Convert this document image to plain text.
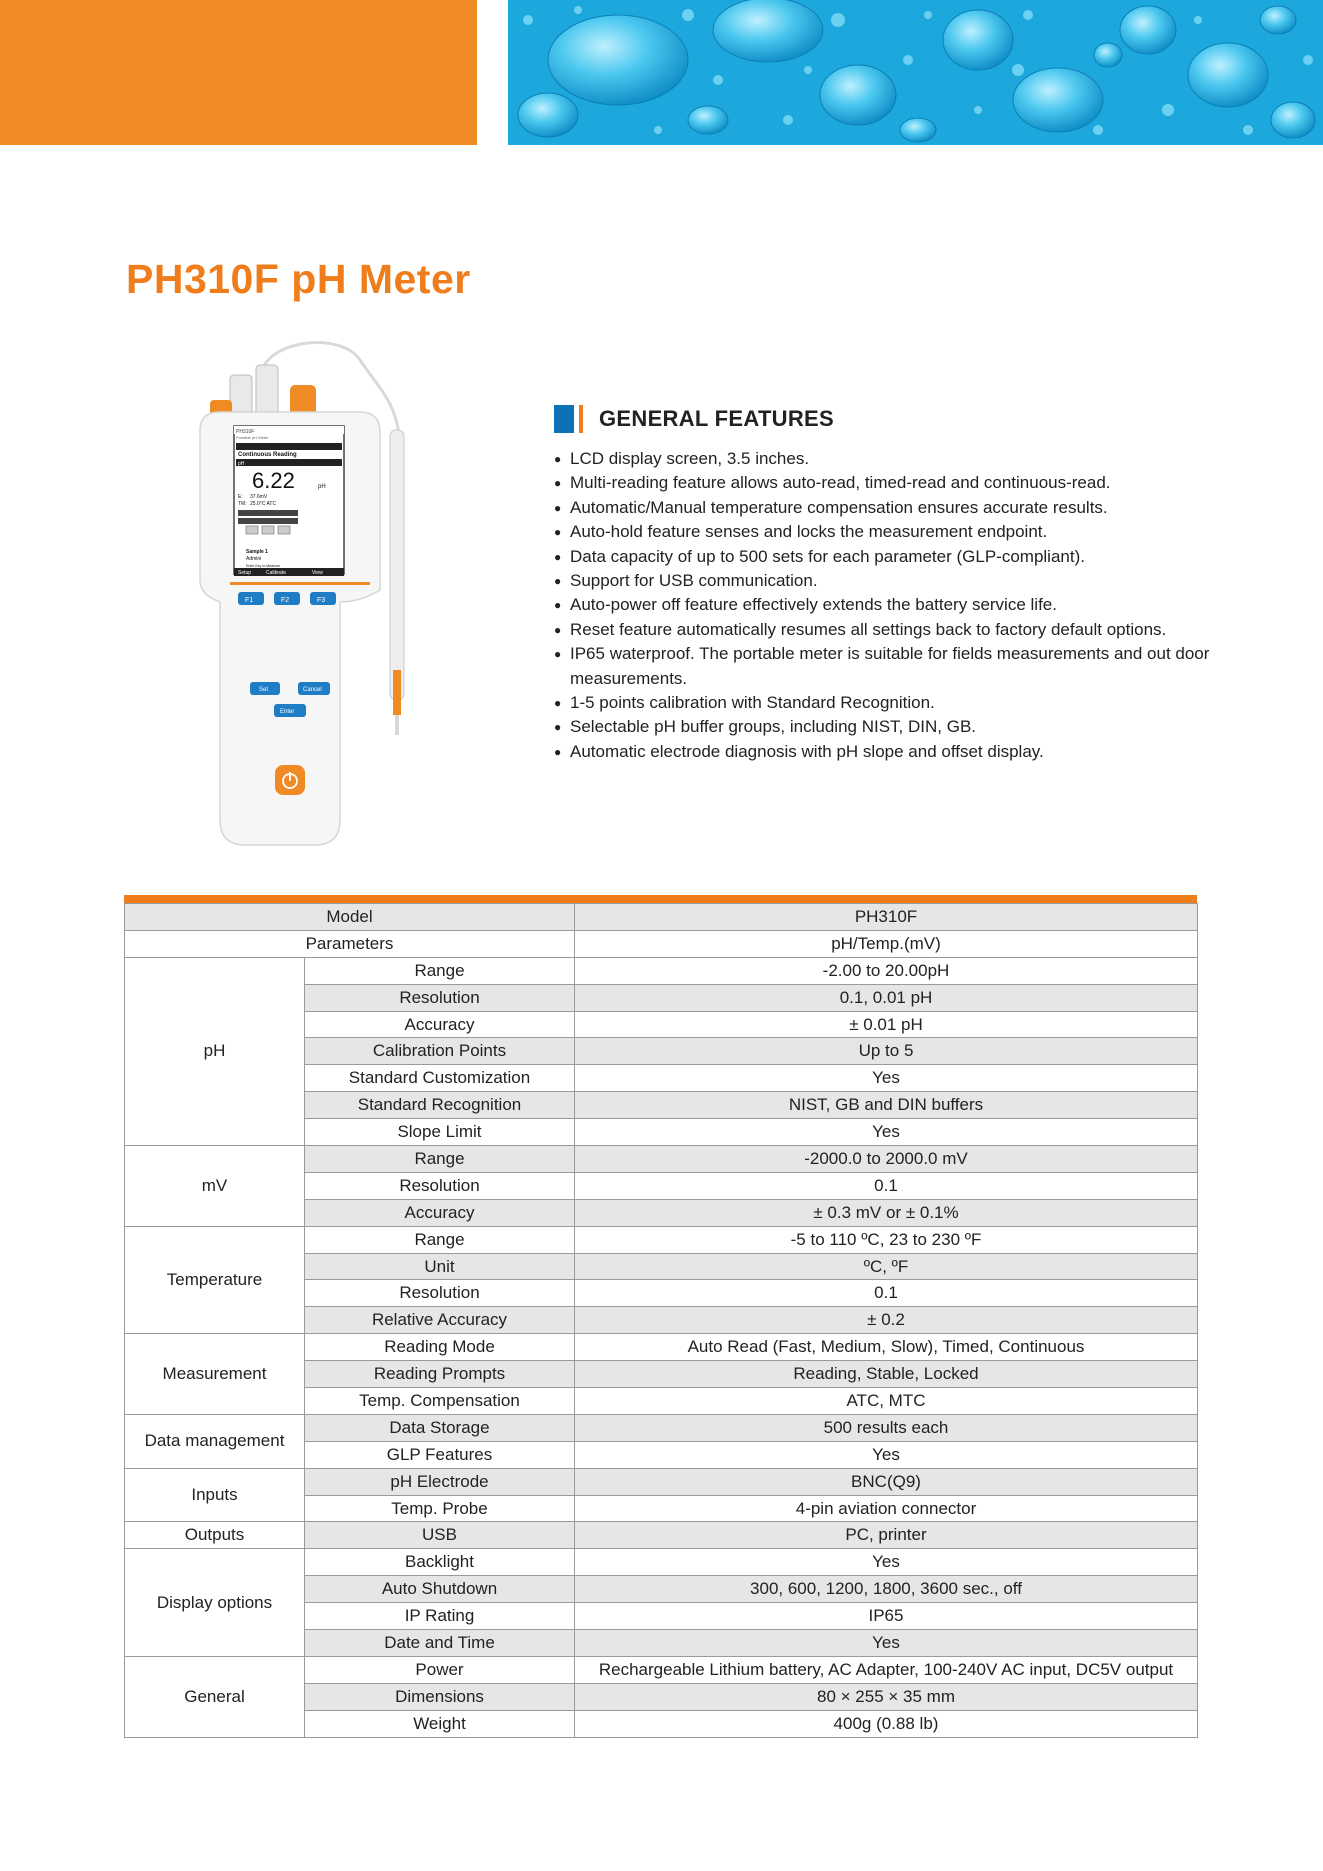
PH310F pH Meter
PH310F
Portable pH Meter
Continuous Reading
pH
6.22	pH
E: 37.6mV
TM: 25.0°C ATC
Sample 1
Admini
Enter Key to Measure
Setup	Calibrate	View
F1	F2	F3
Set	Cancel
Enter
GENERAL FEATURES
● LCD display screen, 3.5 inches.
● Multi-reading feature allows auto-read, timed-read and continuous-read.
● Automatic/Manual temperature compensation ensures accurate results.
● Auto-hold feature senses and locks the measurement endpoint.
● Data capacity of up to 500 sets for each parameter (GLP-compliant).
● Support for USB communication.
● Auto-power off feature effectively extends the battery service life.
● Reset feature automatically resumes all settings back to factory default options.
● IP65 waterproof. The portable meter is suitable for fields measurements and out door measurements.
● 1-5 points calibration with Standard Recognition.
● Selectable pH buffer groups, including NIST, DIN, GB.
● Automatic electrode diagnosis with pH slope and offset display.
Model		PH310F
Parameters		pH/Temp.(mV)
pH	Range	-2.00 to 20.00pH
	Resolution	0.1, 0.01 pH
	Accuracy	± 0.01 pH
	Calibration Points	Up to 5
	Standard Customization	Yes
	Standard Recognition	NIST, GB and DIN buffers
	Slope Limit	Yes
mV	Range	-2000.0 to 2000.0 mV
	Resolution	0.1
	Accuracy	± 0.3 mV or ± 0.1%
Temperature	Range	-5 to 110 ºC, 23 to 230 ºF
	Unit	ºC, ºF
	Resolution	0.1
	Relative Accuracy	± 0.2
Measurement	Reading Mode	Auto Read (Fast, Medium, Slow), Timed, Continuous
	Reading Prompts	Reading, Stable, Locked
	Temp. Compensation	ATC, MTC
Data management	Data Storage	500 results each
	GLP Features	Yes
Inputs	pH Electrode	BNC(Q9)
	Temp. Probe	4-pin aviation connector
Outputs	USB	PC, printer
Display options	Backlight	Yes
	Auto Shutdown	300, 600, 1200, 1800, 3600 sec., off
	IP Rating	IP65
	Date and Time	Yes
General	Power	Rechargeable Lithium battery, AC Adapter, 100-240V AC input, DC5V output
	Dimensions	80 × 255 × 35 mm
	Weight	400g (0.88 lb)
